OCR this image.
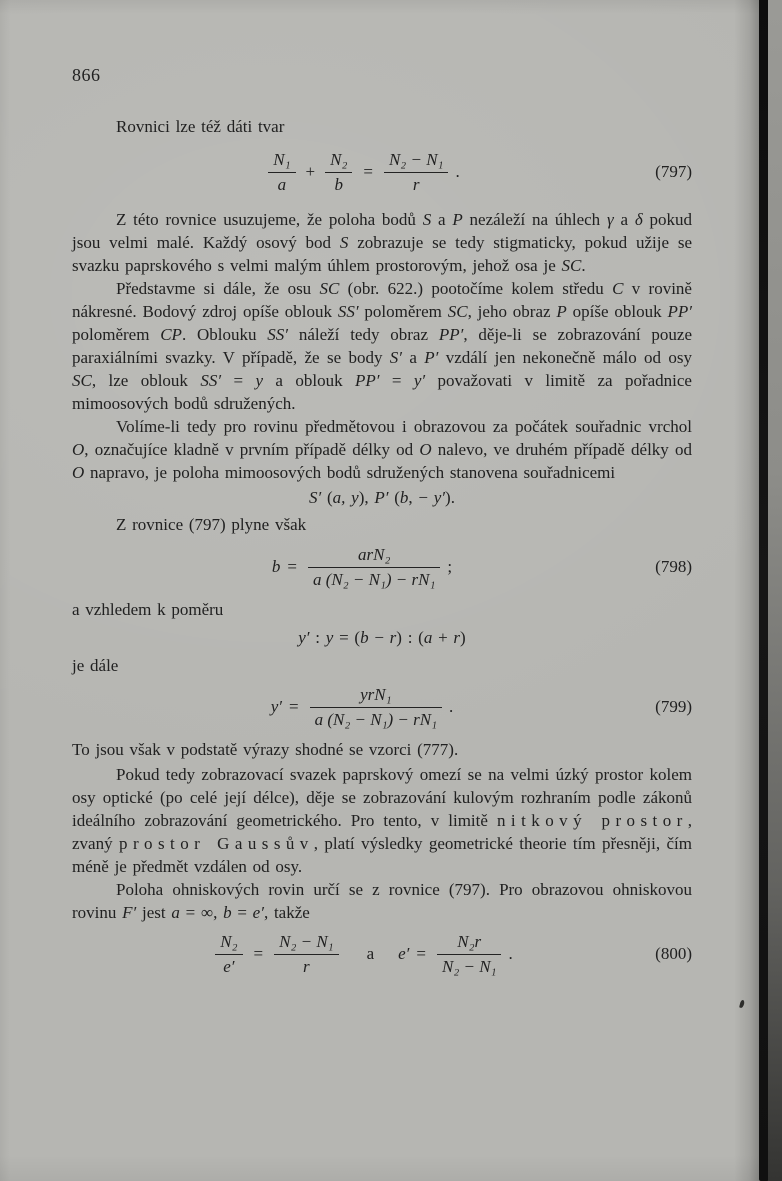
866

Rovnici lze též dáti tvar

$\frac{\text{N₁}}{a} + \frac{\text{N₂}}{b} = \frac{\text{N₂ − N₁}}{r}$ .	(797)

Z této rovnice usuzujeme, že poloha bodů S a P nezáleží na úhlech γ a δ pokud jsou velmi malé. Každý osový bod S zobrazuje se tedy stigmaticky, pokud užije se svazku paprskového s velmi malým úhlem prostorovým, jehož osa je SC.

Představme si dále, že osu SC (obr. 622.) pootočíme kolem středu C v rovině nákresné. Bodový zdroj opíše oblouk SS′ poloměrem SC, jeho obraz P opíše oblouk PP′ poloměrem CP. Oblouku SS′ náleží tedy obraz PP′, děje-li se zobrazování pouze paraxiálními svazky. V případě, že se body S′ a P′ vzdálí jen nekonečně málo od osy SC, lze oblouk SS′ = y a oblouk PP′ = y′ považovati v limitě za pořadnice mimoosových bodů sdružených.

Volíme-li tedy pro rovinu předmětovou i obrazovou za počátek souřadnic vrchol O, označujíce kladně v prvním případě délky od O nalevo, ve druhém případě délky od O napravo, je poloha mimoosových bodů sdružených stanovena souřadnicemi

S′ (a, y), P′ (b, − y′).

Z rovnice (797) plyne však

$b = \frac{\text{arN₂}}{\text{a (N₂ − N₁) − rN₁}}$ ;	(798)

a vzhledem k poměru

y′ : y = (b − r) : (a + r)

je dále

$y' = \frac{\text{yrN₁}}{\text{a (N₂ − N₁) − rN₁}}$ .	(799)

To jsou však v podstatě výrazy shodné se vzorci (777).

Pokud tedy zobrazovací svazek paprskový omezí se na velmi úzký prostor kolem osy optické (po celé její délce), děje se zobrazování kulovým rozhraním podle zákonů ideálního zobrazování geometrického. Pro tento, v limitě nitkový prostor, zvaný prostor Gaussův, platí výsledky geometrické theorie tím přesněji, čím méně je předmět vzdálen od osy.

Poloha ohniskových rovin určí se z rovnice (797). Pro obrazovou ohniskovou rovinu F′ jest a = ∞, b = e′, takže

$\frac{\text{N₂}}{e'} = \frac{\text{N₂ − N₁}}{r}$ a $e' = \frac{\text{N₂r}}{\text{N₂ − N₁}}$ .	(800)
